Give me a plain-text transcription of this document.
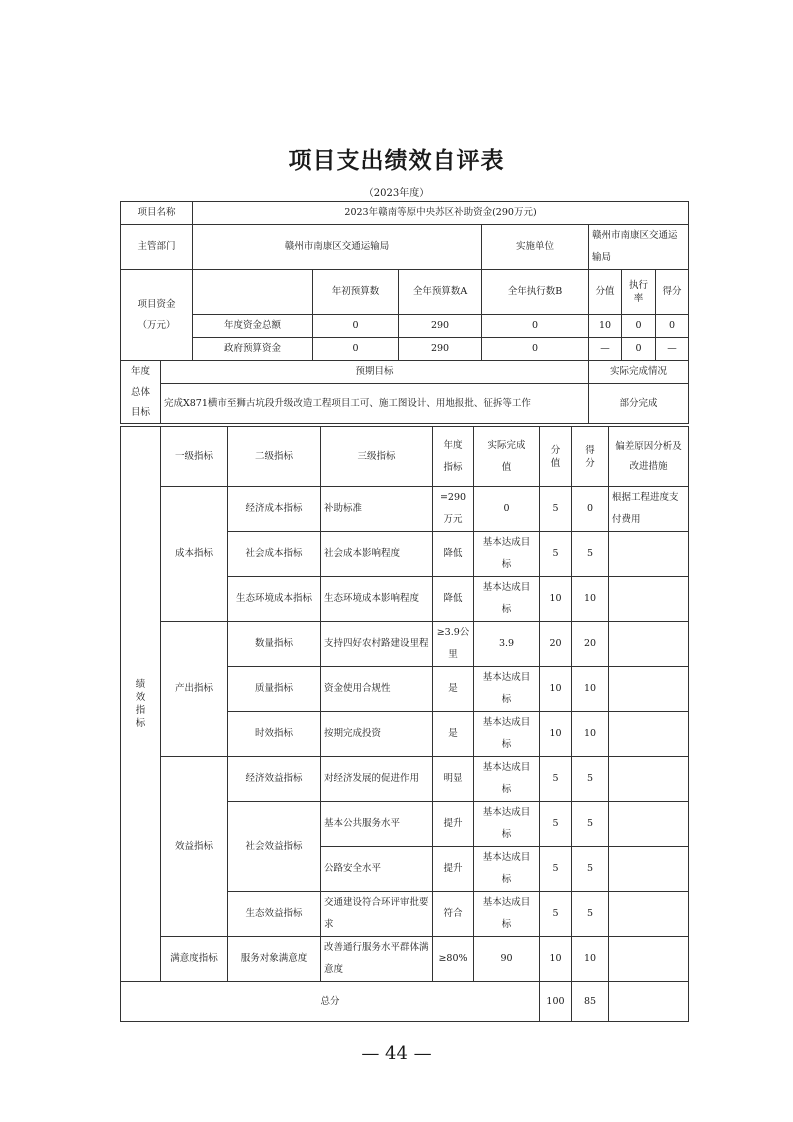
项目支出绩效自评表
（2023年度）
项目名称		2023年赣南等原中央苏区补助资金(290万元)						
主管部门		赣州市南康区交通运输局			实施单位	赣州市南康区交通运输局		

项目资金
（万元）			年初预算数	全年预算数A	全年执行数B	分值	执行率	得分
		年度资金总额	0	290	0	10	0	0
		政府预算资金	0	290	0	—	0	—

年度
总体
目标	预期目标					实际完成情况		
	完成X871横市至狮古坑段升级改造工程项目工可、施工图设计、用地报批、征拆等工作					部分完成		
绩效指标	一级指标	二级指标	三级指标	年度指标	实际完成值	分值	得分	偏差原因分析及改进措施
	成本指标	经济成本指标	补助标准	=290万元	0	5	0	根据工程进度支付费用
		社会成本指标	社会成本影响程度	降低	基本达成目标	5	5	
		生态环境成本指标	生态环境成本影响程度	降低	基本达成目标	10	10	
	产出指标	数量指标	支持四好农村路建设里程	≥3.9公里	3.9	20	20	
		质量指标	资金使用合规性	是	基本达成目标	10	10	
		时效指标	按期完成投资	是	基本达成目标	10	10	
	效益指标	经济效益指标	对经济发展的促进作用	明显	基本达成目标	5	5	
		社会效益指标	基本公共服务水平	提升	基本达成目标	5	5	
			公路安全水平	提升	基本达成目标	5	5	
		生态效益指标	交通建设符合环评审批要求	符合	基本达成目标	5	5	
	满意度指标	服务对象满意度	改善通行服务水平群体满意度	≥80%	90	10	10	
总分						100	85	
— 44 —
